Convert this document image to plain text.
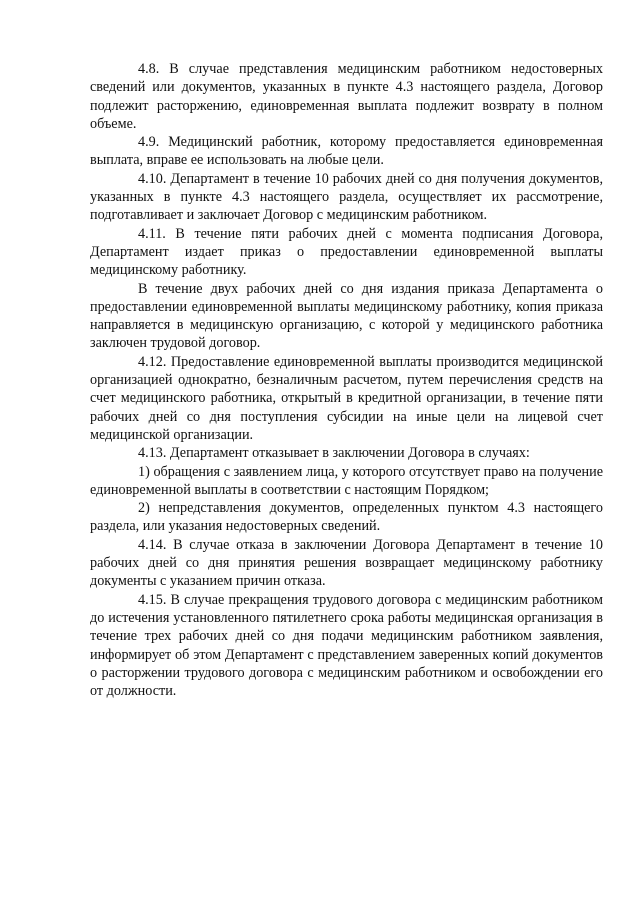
4.8. В случае представления медицинским работником недостоверных сведений или документов, указанных в пункте 4.3 настоящего раздела, Договор подлежит расторжению, единовременная выплата подлежит возврату в полном объеме.

4.9. Медицинский работник, которому предоставляется единовременная выплата, вправе ее использовать на любые цели.

4.10. Департамент в течение 10 рабочих дней со дня получения документов, указанных в пункте 4.3 настоящего раздела, осуществляет их рассмотрение, подготавливает и заключает Договор с медицинским работником.

4.11. В течение пяти рабочих дней с момента подписания Договора, Департамент издает приказ о предоставлении единовременной выплаты медицинскому работнику.

В течение двух рабочих дней со дня издания приказа Департамента о предоставлении единовременной выплаты медицинскому работнику, копия приказа направляется в медицинскую организацию, с которой у медицинского работника заключен трудовой договор.

4.12. Предоставление единовременной выплаты производится медицинской организацией однократно, безналичным расчетом, путем перечисления средств на счет медицинского работника, открытый в кредитной организации, в течение пяти рабочих дней со дня поступления субсидии на иные цели на лицевой счет медицинской организации.

4.13. Департамент отказывает в заключении Договора в случаях:

1) обращения с заявлением лица, у которого отсутствует право на получение единовременной выплаты в соответствии с настоящим Порядком;

2) непредставления документов, определенных пунктом 4.3 настоящего раздела, или указания недостоверных сведений.

4.14. В случае отказа в заключении Договора Департамент в течение 10 рабочих дней со дня принятия решения возвращает медицинскому работнику документы с указанием причин отказа.

4.15. В случае прекращения трудового договора с медицинским работником до истечения установленного пятилетнего срока работы медицинская организация в течение трех рабочих дней со дня подачи медицинским работником заявления, информирует об этом Департамент с представлением заверенных копий документов о расторжении трудового договора с медицинским работником и освобождении его от должности.
